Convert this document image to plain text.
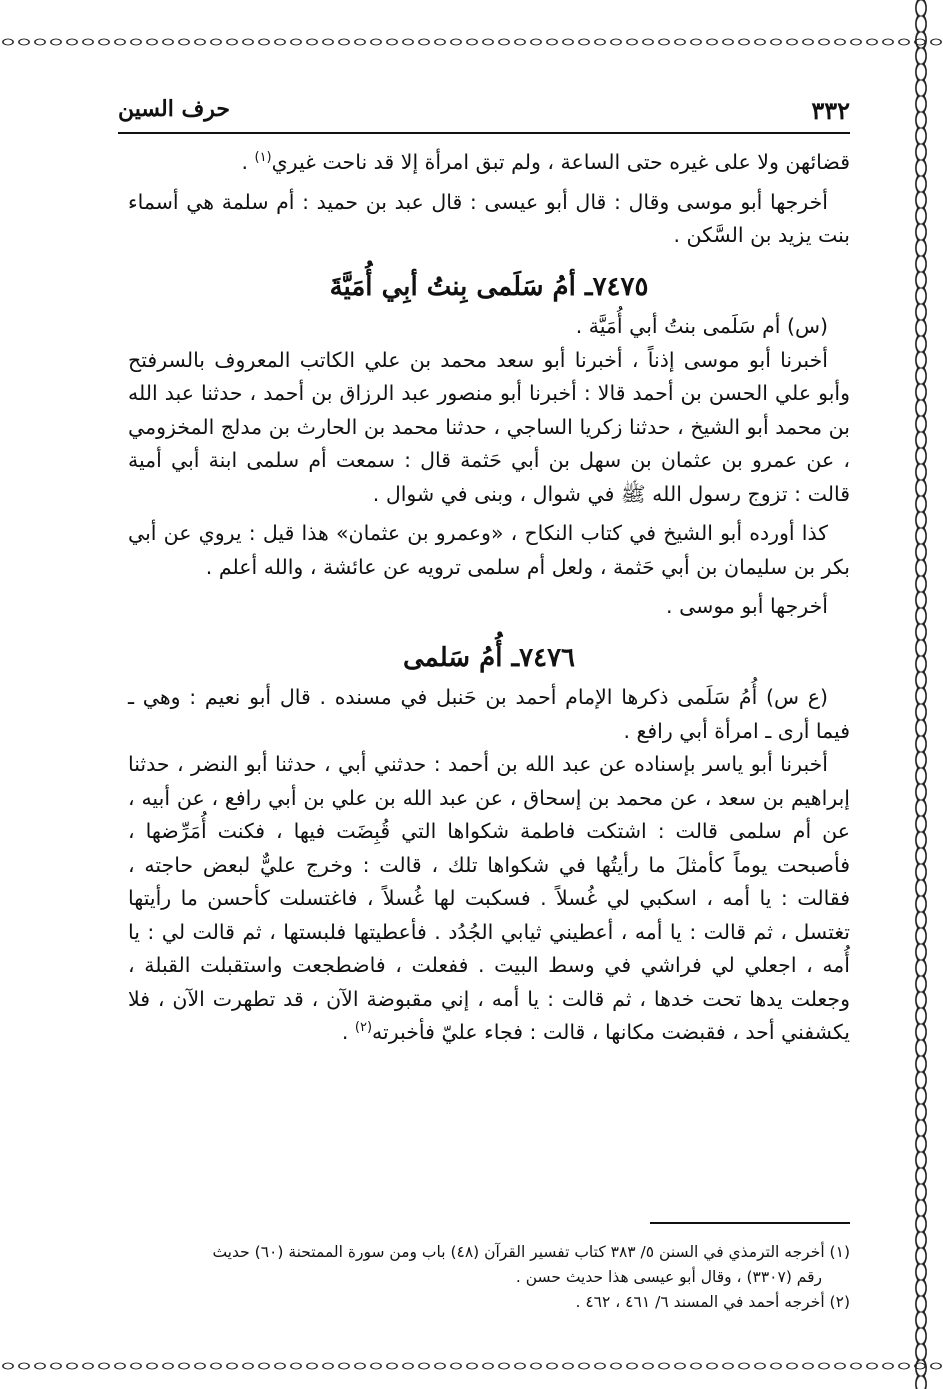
٣٣٢
حرف السين

قضائهن ولا على غيره حتى الساعة ، ولم تبق امرأة إلا قد ناحت غيري$^{(١)}$ .

أخرجها أبو موسى وقال : قال أبو عيسى : قال عبد بن حميد : أم سلمة هي أسماء بنت يزيد بن السَّكن .

٧٤٧٥ـ أمُ سَلَمى بِنتُ أبِي أُمَيَّةَ

(س) أم سَلَمى بنتُ أبي أُمَيَّة .

أخبرنا أبو موسى إذناً ، أخبرنا أبو سعد محمد بن علي الكاتب المعروف بالسرفتح وأبو علي الحسن بن أحمد قالا : أخبرنا أبو منصور عبد الرزاق بن أحمد ، حدثنا عبد الله بن محمد أبو الشيخ ، حدثنا زكريا الساجي ، حدثنا محمد بن الحارث بن مدلج المخزومي ، عن عمرو بن عثمان بن سهل بن أبي حَثمة قال : سمعت أم سلمى ابنة أبي أمية قالت : تزوج رسول الله ﷺ في شوال ، وبنى في شوال .

كذا أورده أبو الشيخ في كتاب النكاح ، «وعمرو بن عثمان» هذا قيل : يروي عن أبي بكر بن سليمان بن أبي حَثمة ، ولعل أم سلمى ترويه عن عائشة ، والله أعلم .

أخرجها أبو موسى .

٧٤٧٦ـ أُمُ سَلمى

(ع س) أُمُ سَلَمى ذكرها الإمام أحمد بن حَنبل في مسنده . قال أبو نعيم : وهي ـ فيما أرى ـ امرأة أبي رافع .

أخبرنا أبو ياسر بإسناده عن عبد الله بن أحمد : حدثني أبي ، حدثنا أبو النضر ، حدثنا إبراهيم بن سعد ، عن محمد بن إسحاق ، عن عبد الله بن علي بن أبي رافع ، عن أبيه ، عن أم سلمى قالت : اشتكت فاطمة شكواها التي قُبِضَت فيها ، فكنت أُمَرِّضها ، فأصبحت يوماً كأمثلَ ما رأيتُها في شكواها تلك ، قالت : وخرج عليٌّ لبعض حاجته ، فقالت : يا أمه ، اسكبي لي غُسلاً . فسكبت لها غُسلاً ، فاغتسلت كأحسن ما رأيتها تغتسل ، ثم قالت : يا أمه ، أعطيني ثيابي الجُدُد . فأعطيتها فلبستها ، ثم قالت لي : يا أُمه ، اجعلي لي فراشي في وسط البيت . ففعلت ، فاضطجعت واستقبلت القبلة ، وجعلت يدها تحت خدها ، ثم قالت : يا أمه ، إني مقبوضة الآن ، قد تطهرت الآن ، فلا يكشفني أحد ، فقبضت مكانها ، قالت : فجاء عليّ فأخبرته$^{(٢)}$ .

(١) أخرجه الترمذي في السنن ٥/ ٣٨٣ كتاب تفسير القرآن (٤٨) باب ومن سورة الممتحنة (٦٠) حديث

رقم (٣٣٠٧) ، وقال أبو عيسى هذا حديث حسن .

(٢) أخرجه أحمد في المسند ٦/ ٤٦١ ، ٤٦٢ .
